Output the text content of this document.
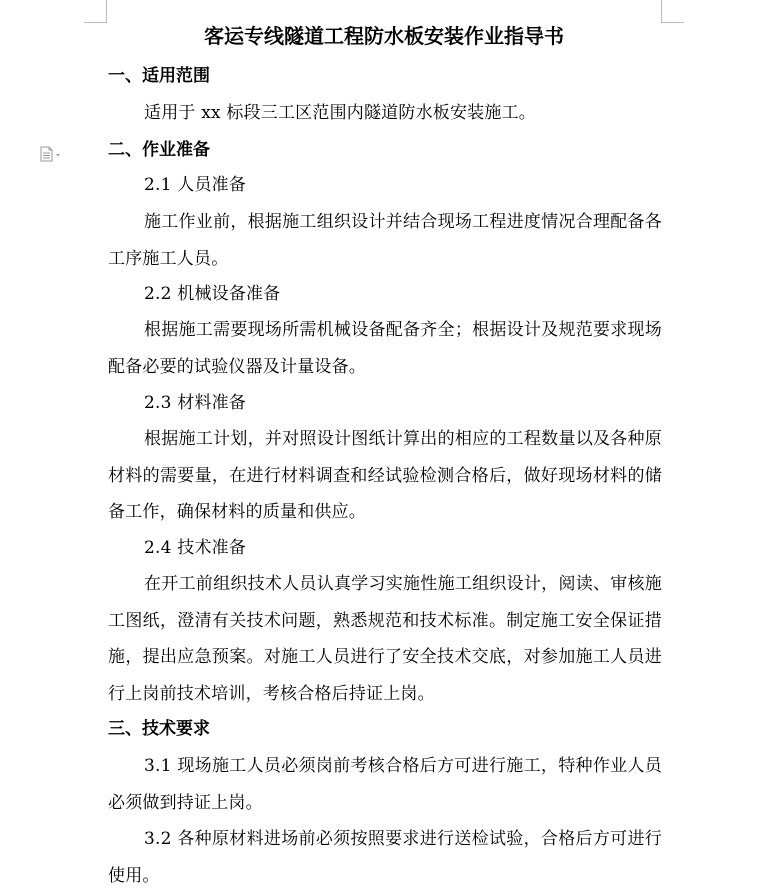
客运专线隧道工程防水板安装作业指导书
一、适用范围
适用于 xx 标段三工区范围内隧道防水板安装施工。
二、作业准备
2.1 人员准备
施工作业前，根据施工组织设计并结合现场工程进度情况合理配备各工序施工人员。
2.2 机械设备准备
根据施工需要现场所需机械设备配备齐全；根据设计及规范要求现场配备必要的试验仪器及计量设备。
2.3 材料准备
根据施工计划，并对照设计图纸计算出的相应的工程数量以及各种原材料的需要量，在进行材料调查和经试验检测合格后，做好现场材料的储备工作，确保材料的质量和供应。
2.4 技术准备
在开工前组织技术人员认真学习实施性施工组织设计，阅读、审核施工图纸，澄清有关技术问题，熟悉规范和技术标准。制定施工安全保证措施，提出应急预案。对施工人员进行了安全技术交底，对参加施工人员进行上岗前技术培训，考核合格后持证上岗。
三、技术要求
3.1 现场施工人员必须岗前考核合格后方可进行施工，特种作业人员必须做到持证上岗。
3.2 各种原材料进场前必须按照要求进行送检试验，合格后方可进行使用。
